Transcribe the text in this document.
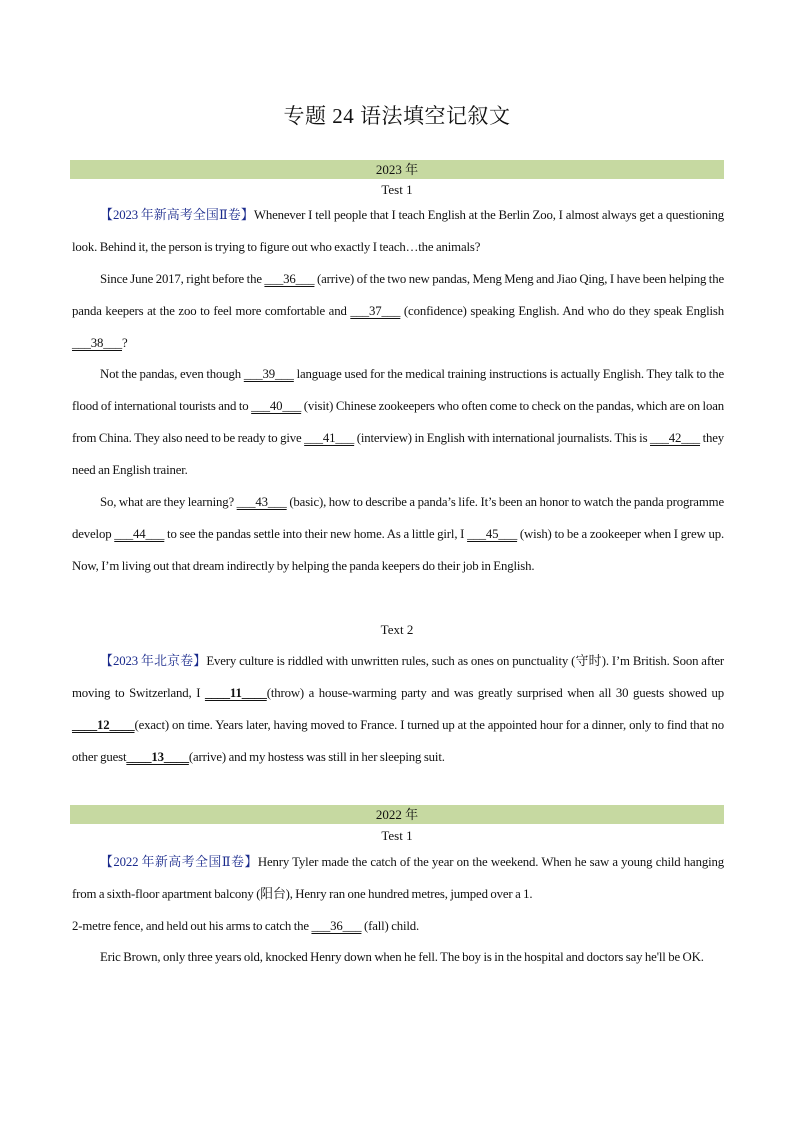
专题 24 语法填空记叙文
2023 年
Test 1
【2023 年新高考全国Ⅱ卷】Whenever I tell people that I teach English at the Berlin Zoo, I almost always get a questioning look. Behind it, the person is trying to figure out who exactly I teach…the animals?
Since June 2017, right before the ___36___ (arrive) of the two new pandas, Meng Meng and Jiao Qing, I have been helping the panda keepers at the zoo to feel more comfortable and ___37___ (confidence) speaking English. And who do they speak English ___38___?
Not the pandas, even though ___39___ language used for the medical training instructions is actually English. They talk to the flood of international tourists and to ___40___ (visit) Chinese zookeepers who often come to check on the pandas, which are on loan from China. They also need to be ready to give ___41___ (interview) in English with international journalists. This is ___42___ they need an English trainer.
So, what are they learning? ___43___ (basic), how to describe a panda’s life. It’s been an honor to watch the panda programme develop ___44___ to see the pandas settle into their new home. As a little girl, I ___45___ (wish) to be a zookeeper when I grew up. Now, I’m living out that dream indirectly by helping the panda keepers do their job in English.
Text 2
【2023 年北京卷】Every culture is riddled with unwritten rules, such as ones on punctuality (守时). I’m British. Soon after moving to Switzerland, I ____11____(throw) a house-warming party and was greatly surprised when all 30 guests showed up ____12____(exact) on time. Years later, having moved to France. I turned up at the appointed hour for a dinner, only to find that no other guest____13____(arrive) and my hostess was still in her sleeping suit.
2022 年
Test 1
【2022 年新高考全国Ⅱ卷】Henry Tyler made the catch of the year on the weekend. When he saw a young child hanging from a sixth-floor apartment balcony (阳台), Henry ran one hundred metres, jumped over a 1.
2-metre fence, and held out his arms to catch the ___36___ (fall) child.
Eric Brown, only three years old, knocked Henry down when he fell. The boy is in the hospital and doctors say he'll be OK.
